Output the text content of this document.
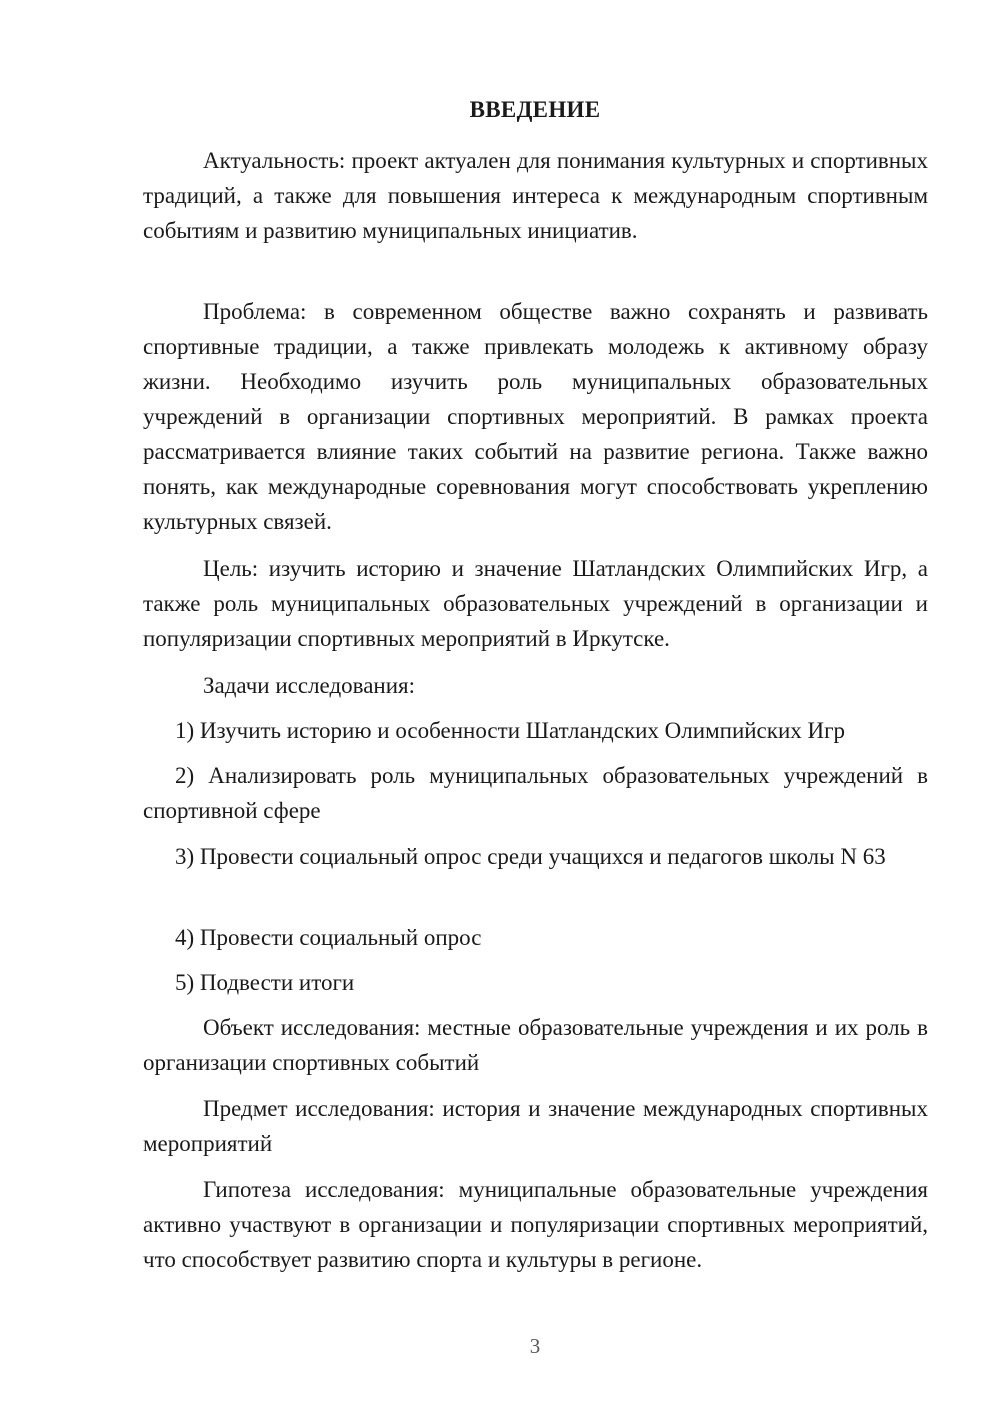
ВВЕДЕНИЕ

Актуальность: проект актуален для понимания культурных и спортивных традиций, а также для повышения интереса к международным спортивным событиям и развитию муниципальных инициатив.

Проблема: в современном обществе важно сохранять и развивать спортивные традиции, а также привлекать молодежь к активному образу жизни. Необходимо изучить роль муниципальных образовательных учреждений в организации спортивных мероприятий. В рамках проекта рассматривается влияние таких событий на развитие региона. Также важно понять, как международные соревнования могут способствовать укреплению культурных связей.

Цель: изучить историю и значение Шатландских Олимпийских Игр, а также роль муниципальных образовательных учреждений в организации и популяризации спортивных мероприятий в Иркутске.

Задачи исследования:

1) Изучить историю и особенности Шатландских Олимпийских Игр

2) Анализировать роль муниципальных образовательных учреждений в спортивной сфере

3) Провести социальный опрос среди учащихся и педагогов школы N 63

4) Провести социальный опрос

5) Подвести итоги

Объект исследования: местные образовательные учреждения и их роль в организации спортивных событий

Предмет исследования: история и значение международных спортивных мероприятий

Гипотеза исследования: муниципальные образовательные учреждения активно участвуют в организации и популяризации спортивных мероприятий, что способствует развитию спорта и культуры в регионе.

3
